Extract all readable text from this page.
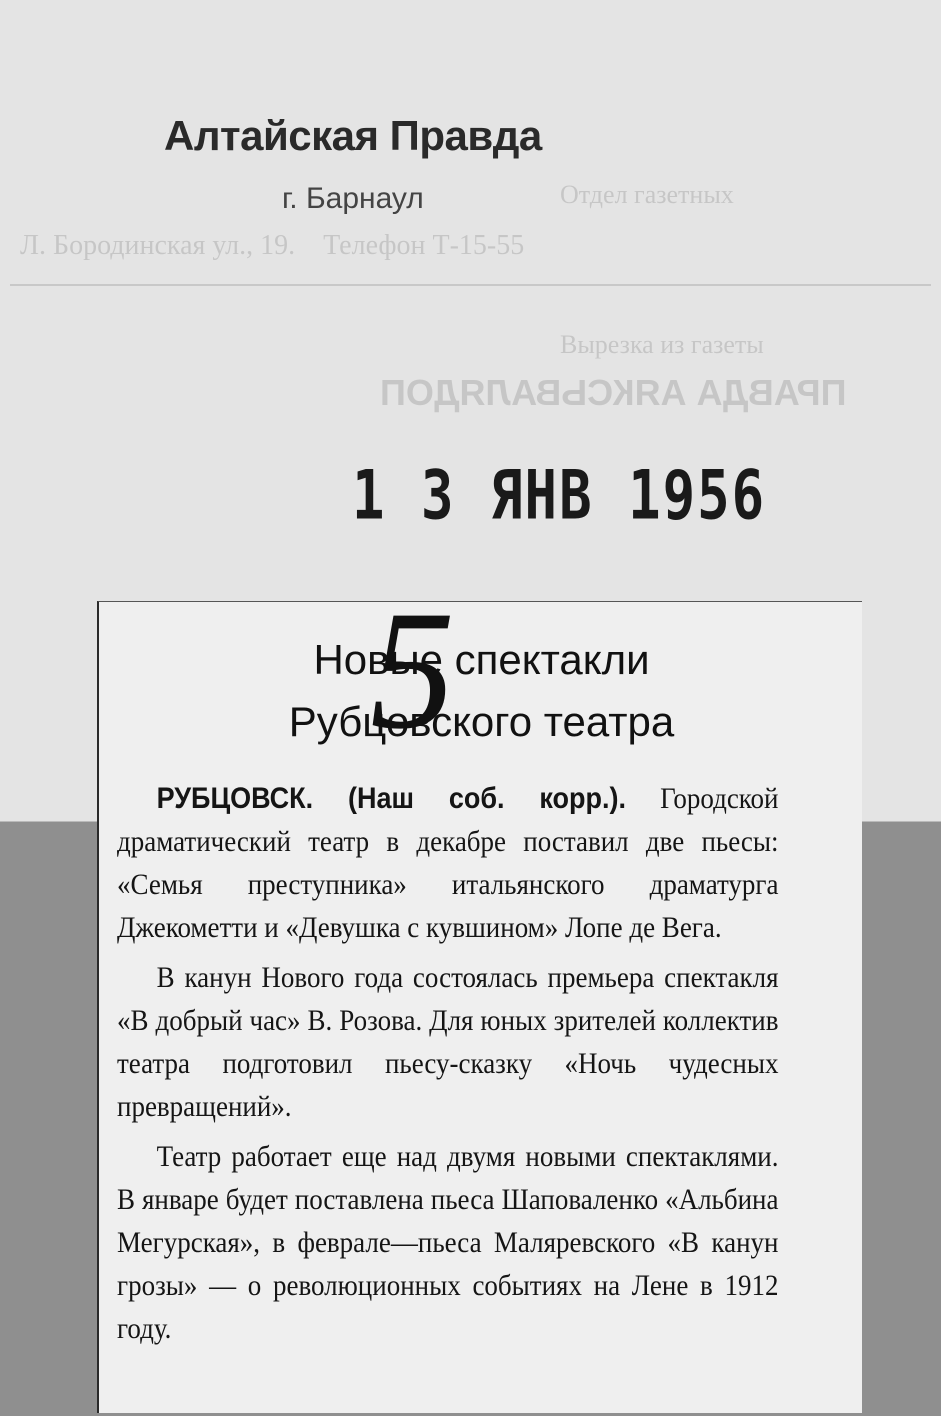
Отдел газетных
Л. Бородинская ул., 19.    Телефон Т-15-55
Вырезка из газеты
ПРАВДА АЯКСЬВАЛЯДОП
Алтайская Правда
г. Барнаул
1 3 ЯНВ 1956
Новые спектакли
Рубцовского театра

РУБЦОВСК. (Наш соб. корр.). Городской драматический театр в декабре поставил две пьесы: «Семья преступника» итальянского драматурга Джекометти и «Девушка с кувшином» Лопе де Вега.

В канун Нового года состоялась премьера спектакля «В добрый час» В. Розова. Для юных зрителей коллектив театра подготовил пьесу-сказку «Ночь чудесных превращений».

Театр работает еще над двумя новыми спектаклями. В январе будет поставлена пьеса Шаповаленко «Альбина Мегурская», в феврале—пьеса Маляревского «В канун грозы» — о революционных событиях на Лене в 1912 году.

5
